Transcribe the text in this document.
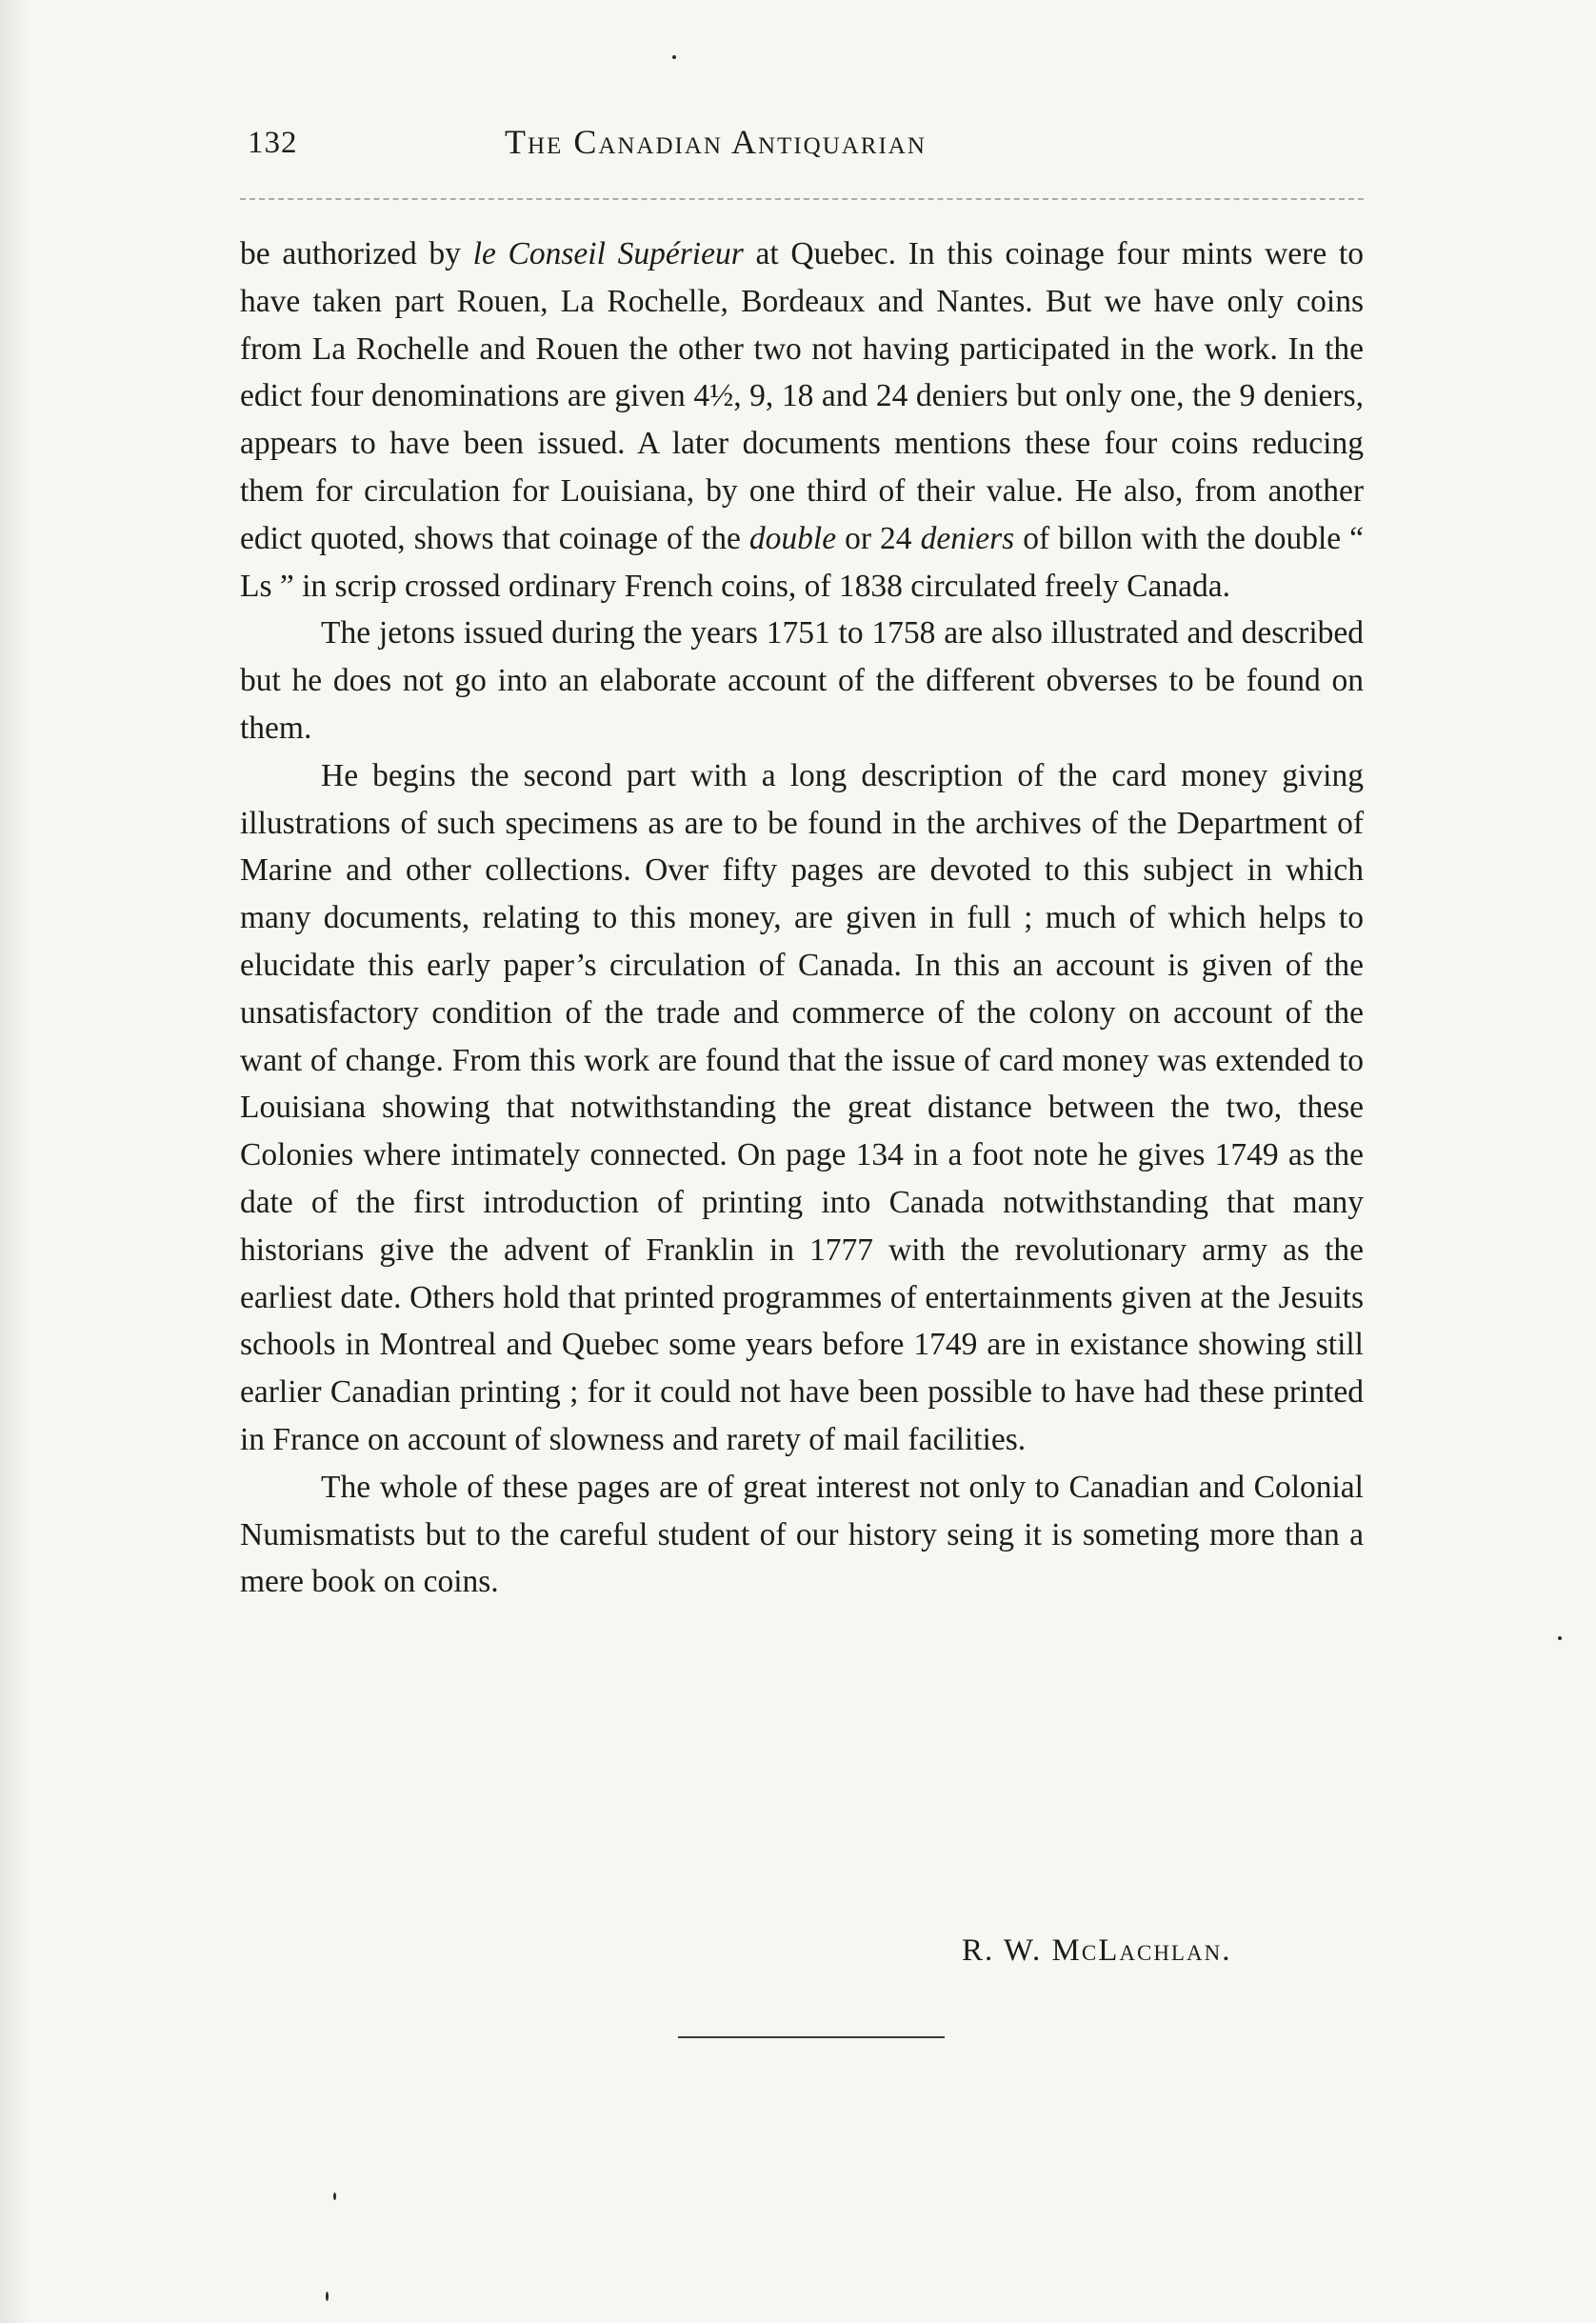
132	The Canadian Antiquarian

be authorized by le Conseil Supérieur at Quebec. In this coinage four mints were to have taken part Rouen, La Rochelle, Bordeaux and Nantes. But we have only coins from La Rochelle and Rouen the other two not having participated in the work. In the edict four denominations are given 4½, 9, 18 and 24 deniers but only one, the 9 deniers, appears to have been issued. A later documents mentions these four coins reducing them for circulation for Louisiana, by one third of their value. He also, from another edict quoted, shows that coinage of the double or 24 deniers of billon with the double “ Ls ” in scrip crossed ordinary French coins, of 1838 circulated freely Canada.

The jetons issued during the years 1751 to 1758 are also illustrated and described but he does not go into an elaborate account of the different obverses to be found on them.

He begins the second part with a long description of the card money giving illustrations of such specimens as are to be found in the archives of the Department of Marine and other collections. Over fifty pages are devoted to this subject in which many documents, relating to this money, are given in full ; much of which helps to elucidate this early paper’s circulation of Canada. In this an account is given of the unsatisfactory condition of the trade and commerce of the colony on account of the want of change. From this work are found that the issue of card money was extended to Louisiana showing that notwithstanding the great distance between the two, these Colonies where intimately connected. On page 134 in a foot note he gives 1749 as the date of the first introduction of printing into Canada notwithstanding that many historians give the advent of Franklin in 1777 with the revolutionary army as the earliest date. Others hold that printed programmes of entertainments given at the Jesuits schools in Montreal and Quebec some years before 1749 are in existance showing still earlier Canadian printing ; for it could not have been possible to have had these printed in France on account of slowness and rarety of mail facilities.

The whole of these pages are of great interest not only to Canadian and Colonial Numismatists but to the careful student of our history seing it is someting more than a mere book on coins.

R. W. McLachlan.
